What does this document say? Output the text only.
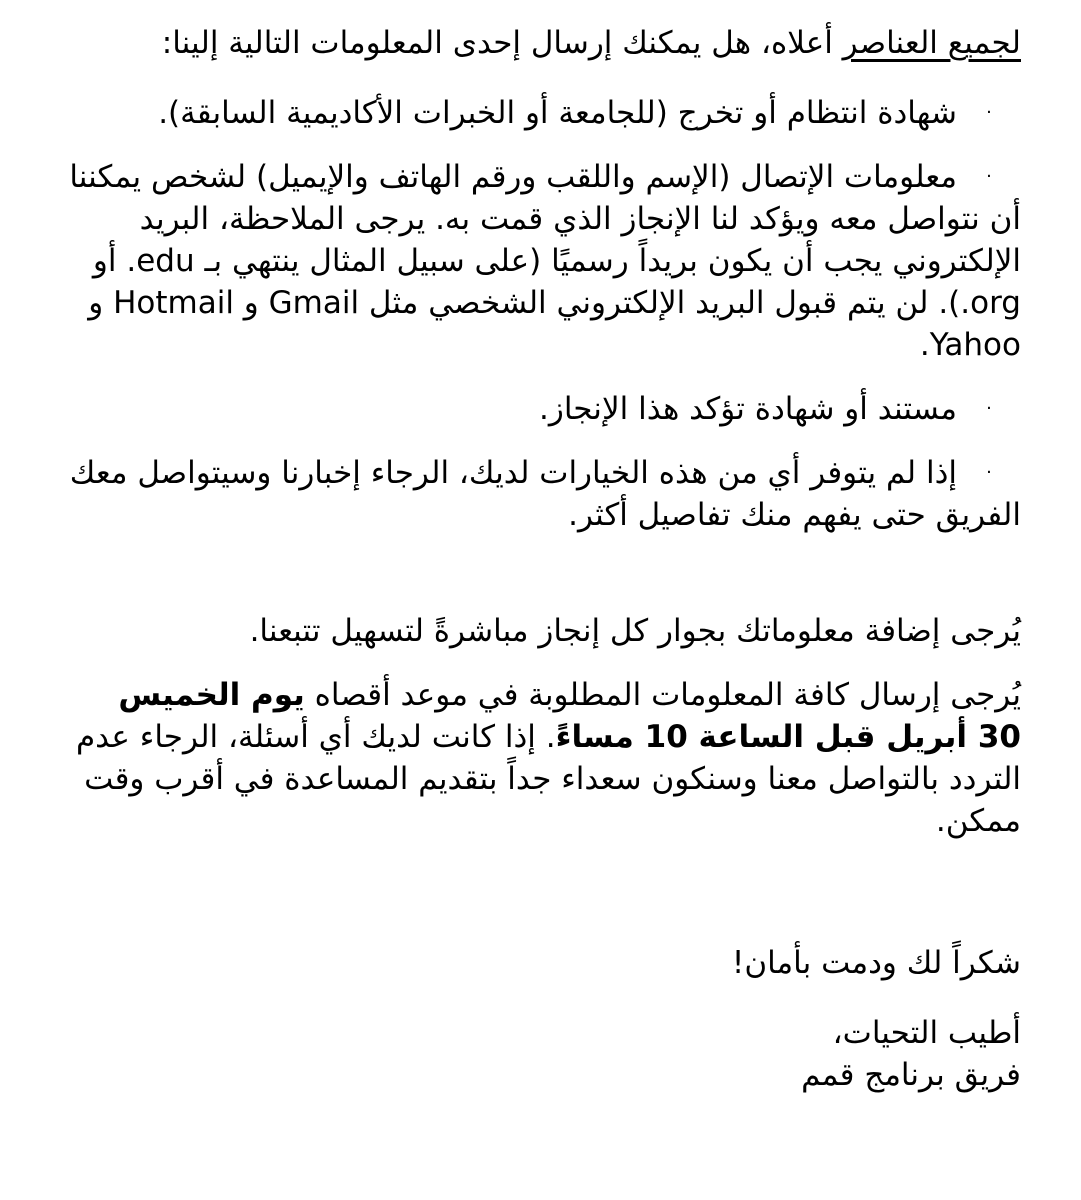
لجميع العناصر أعلاه، هل يمكنك إرسال إحدى المعلومات التالية إلينا:

·شهادة انتظام أو تخرج (للجامعة أو الخبرات الأكاديمية السابقة).
·معلومات الإتصال (الإسم واللقب ورقم الهاتف والإيميل) لشخص يمكننا أن نتواصل معه ويؤكد لنا الإنجاز الذي قمت به. يرجى الملاحظة، البريد الإلكتروني يجب أن يكون بريداً رسميًا (على سبيل المثال ينتهي بـ edu. أو org.). لن يتم قبول البريد الإلكتروني الشخصي مثل Gmail و Hotmail و Yahoo.
·مستند أو شهادة تؤكد هذا الإنجاز.
·إذا لم يتوفر أي من هذه الخيارات لديك، الرجاء إخبارنا وسيتواصل معك الفريق حتى يفهم منك تفاصيل أكثر.

يُرجى إضافة معلوماتك بجوار كل إنجاز مباشرةً لتسهيل تتبعنا.

يُرجى إرسال كافة المعلومات المطلوبة في موعد أقصاه يوم الخميس 30 أبريل قبل الساعة 10 مساءً. إذا كانت لديك أي أسئلة، الرجاء عدم التردد بالتواصل معنا وسنكون سعداء جداً بتقديم المساعدة في أقرب وقت ممكن.

شكراً لك ودمت بأمان!

أطيب التحيات،

فريق برنامج قمم
